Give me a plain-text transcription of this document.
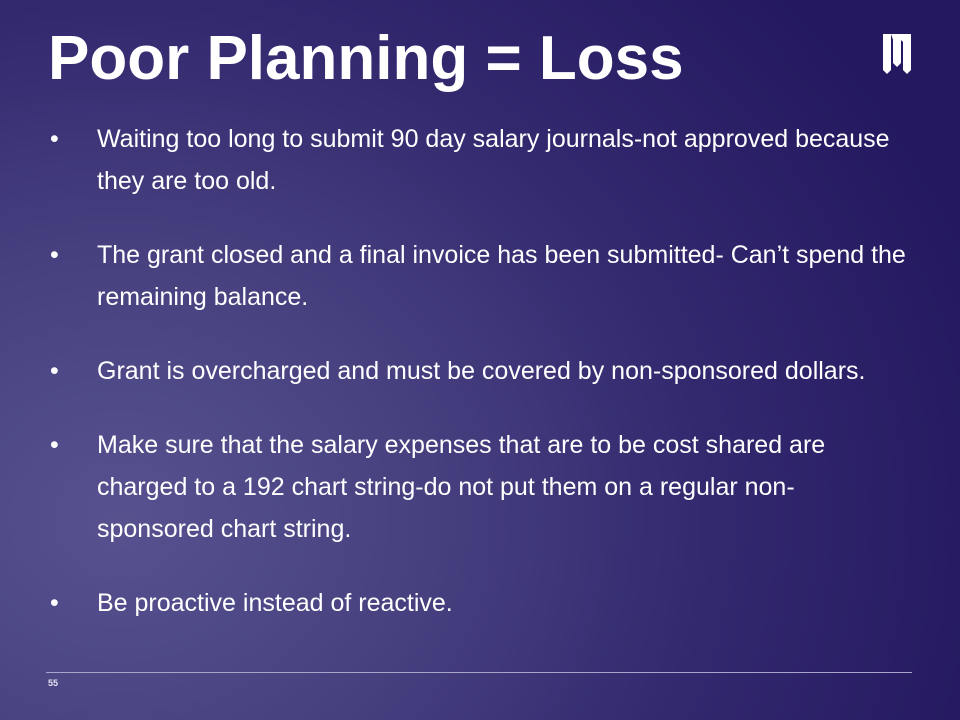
Poor Planning = Loss
• Waiting too long to submit 90 day salary journals-not approved because they are too old.
• The grant closed and a final invoice has been submitted- Can’t spend the remaining balance.
• Grant is overcharged and must be covered by non-sponsored dollars.
• Make sure that the salary expenses that are to be cost shared are charged to a 192 chart string-do not put them on a regular non-sponsored chart string.
• Be proactive instead of reactive.
55
